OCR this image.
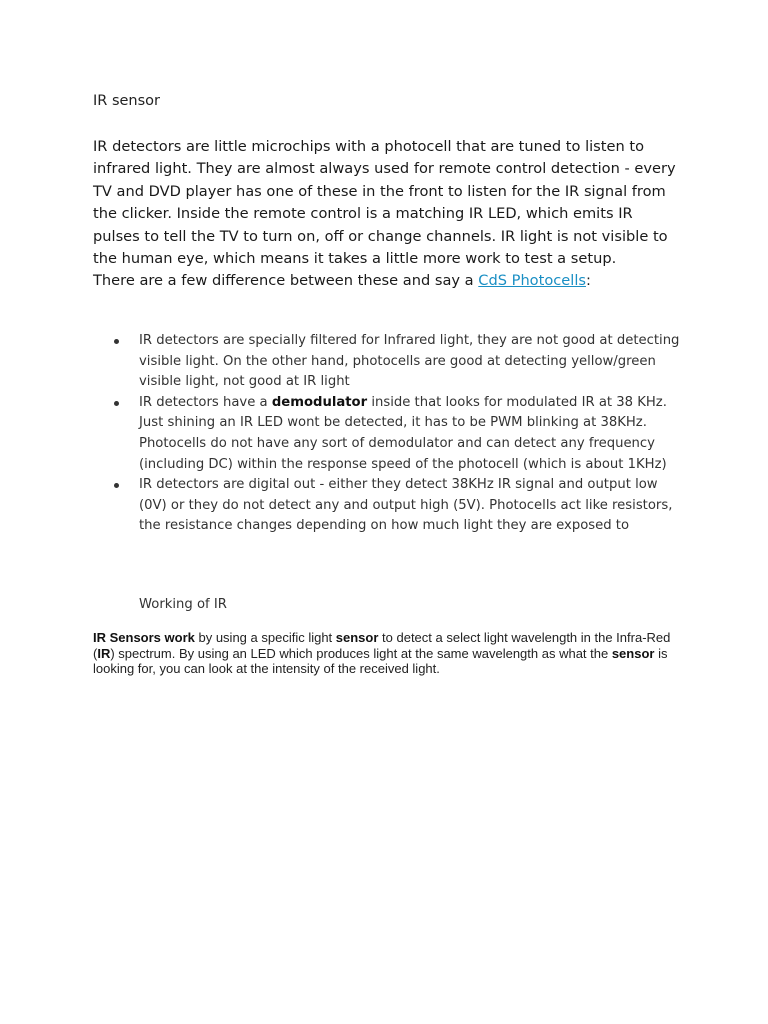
IR sensor

IR detectors are little microchips with a photocell that are tuned to listen to infrared light. They are almost always used for remote control detection - every TV and DVD player has one of these in the front to listen for the IR signal from the clicker. Inside the remote control is a matching IR LED, which emits IR pulses to tell the TV to turn on, off or change channels. IR light is not visible to the human eye, which means it takes a little more work to test a setup.
There are a few difference between these and say a CdS Photocells:

IR detectors are specially filtered for Infrared light, they are not good at detecting visible light. On the other hand, photocells are good at detecting yellow/green visible light, not good at IR light
IR detectors have a demodulator inside that looks for modulated IR at 38 KHz. Just shining an IR LED wont be detected, it has to be PWM blinking at 38KHz. Photocells do not have any sort of demodulator and can detect any frequency (including DC) within the response speed of the photocell (which is about 1KHz)
IR detectors are digital out - either they detect 38KHz IR signal and output low (0V) or they do not detect any and output high (5V). Photocells act like resistors, the resistance changes depending on how much light they are exposed to
Working of IR

IR Sensors work by using a specific light sensor to detect a select light wavelength in the Infra-Red (IR) spectrum. By using an LED which produces light at the same wavelength as what the sensor is looking for, you can look at the intensity of the received light.
